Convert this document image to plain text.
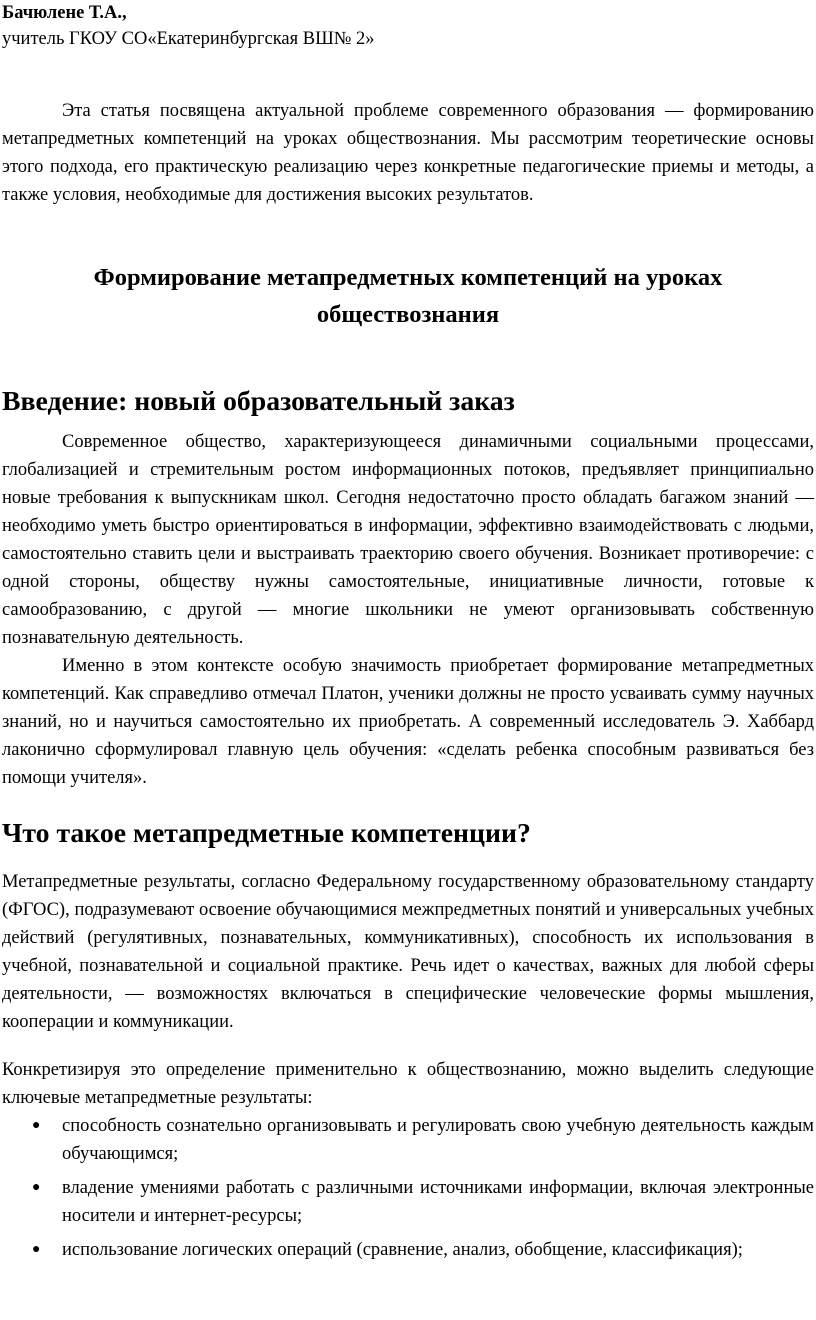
Бачюлене Т.А.,

учитель ГКОУ СО«Екатеринбургская ВШ№ 2»

Эта статья посвящена актуальной проблеме современного образования — формированию метапредметных компетенций на уроках обществознания. Мы рассмотрим теоретические основы этого подхода, его практическую реализацию через конкретные педагогические приемы и методы, а также условия, необходимые для достижения высоких результатов.

Формирование метапредметных компетенций на уроках обществознания
Введение: новый образовательный заказ

Современное общество, характеризующееся динамичными социальными процессами, глобализацией и стремительным ростом информационных потоков, предъявляет принципиально новые требования к выпускникам школ. Сегодня недостаточно просто обладать багажом знаний — необходимо уметь быстро ориентироваться в информации, эффективно взаимодействовать с людьми, самостоятельно ставить цели и выстраивать траекторию своего обучения. Возникает противоречие: с одной стороны, обществу нужны самостоятельные, инициативные личности, готовые к самообразованию, с другой — многие школьники не умеют организовывать собственную познавательную деятельность.

Именно в этом контексте особую значимость приобретает формирование метапредметных компетенций. Как справедливо отмечал Платон, ученики должны не просто усваивать сумму научных знаний, но и научиться самостоятельно их приобретать. А современный исследователь Э. Хаббард лаконично сформулировал главную цель обучения: «сделать ребенка способным развиваться без помощи учителя».

Что такое метапредметные компетенции?

Метапредметные результаты, согласно Федеральному государственному образовательному стандарту (ФГОС), подразумевают освоение обучающимися межпредметных понятий и универсальных учебных действий (регулятивных, познавательных, коммуникативных), способность их использования в учебной, познавательной и социальной практике. Речь идет о качествах, важных для любой сферы деятельности, — возможностях включаться в специфические человеческие формы мышления, кооперации и коммуникации.

Конкретизируя это определение применительно к обществознанию, можно выделить следующие ключевые метапредметные результаты:

● способность сознательно организовывать и регулировать свою учебную деятельность каждым обучающимся;
● владение умениями работать с различными источниками информации, включая электронные носители и интернет-ресурсы;
● использование логических операций (сравнение, анализ, обобщение, классификация);
